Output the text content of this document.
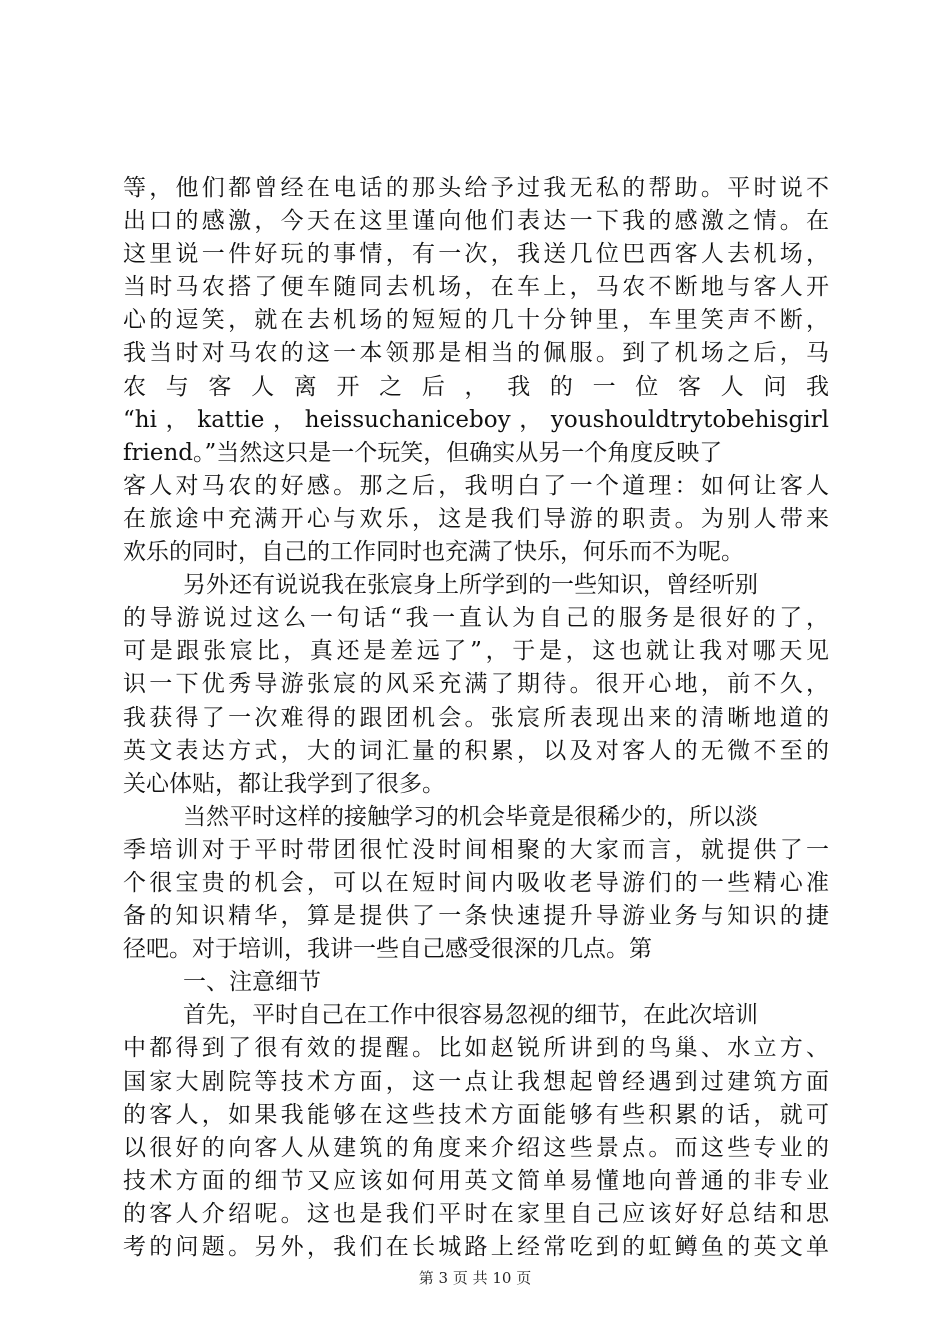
等，他们都曾经在电话的那头给予过我无私的帮助。平时说不
出口的感激，今天在这里谨向他们表达一下我的感激之情。在
这里说一件好玩的事情，有一次，我送几位巴西客人去机场，
当时马农搭了便车随同去机场，在车上，马农不断地与客人开
心的逗笑，就在去机场的短短的几十分钟里，车里笑声不断，
我当时对马农的这一本领那是相当的佩服。到了机场之后，马
农与客人离开之后，我的一位客人问我
“hi，kattie，heissuchaniceboy，youshouldtrytobehisgirl
friend。”当然这只是一个玩笑，但确实从另一个角度反映了
客人对马农的好感。那之后，我明白了一个道理：如何让客人
在旅途中充满开心与欢乐，这是我们导游的职责。为别人带来
欢乐的同时，自己的工作同时也充满了快乐，何乐而不为呢。
另外还有说说我在张宸身上所学到的一些知识，曾经听别
的导游说过这么一句话“我一直认为自己的服务是很好的了，
可是跟张宸比，真还是差远了”，于是，这也就让我对哪天见
识一下优秀导游张宸的风采充满了期待。很开心地，前不久，
我获得了一次难得的跟团机会。张宸所表现出来的清晰地道的
英文表达方式，大的词汇量的积累，以及对客人的无微不至的
关心体贴，都让我学到了很多。
当然平时这样的接触学习的机会毕竟是很稀少的，所以淡
季培训对于平时带团很忙没时间相聚的大家而言，就提供了一
个很宝贵的机会，可以在短时间内吸收老导游们的一些精心准
备的知识精华，算是提供了一条快速提升导游业务与知识的捷
径吧。对于培训，我讲一些自己感受很深的几点。第
一、注意细节
首先，平时自己在工作中很容易忽视的细节，在此次培训
中都得到了很有效的提醒。比如赵锐所讲到的鸟巢、水立方、
国家大剧院等技术方面，这一点让我想起曾经遇到过建筑方面
的客人，如果我能够在这些技术方面能够有些积累的话，就可
以很好的向客人从建筑的角度来介绍这些景点。而这些专业的
技术方面的细节又应该如何用英文简单易懂地向普通的非专业
的客人介绍呢。这也是我们平时在家里自己应该好好总结和思
考的问题。另外，我们在长城路上经常吃到的虹鳟鱼的英文单
第 3 页 共 10 页
